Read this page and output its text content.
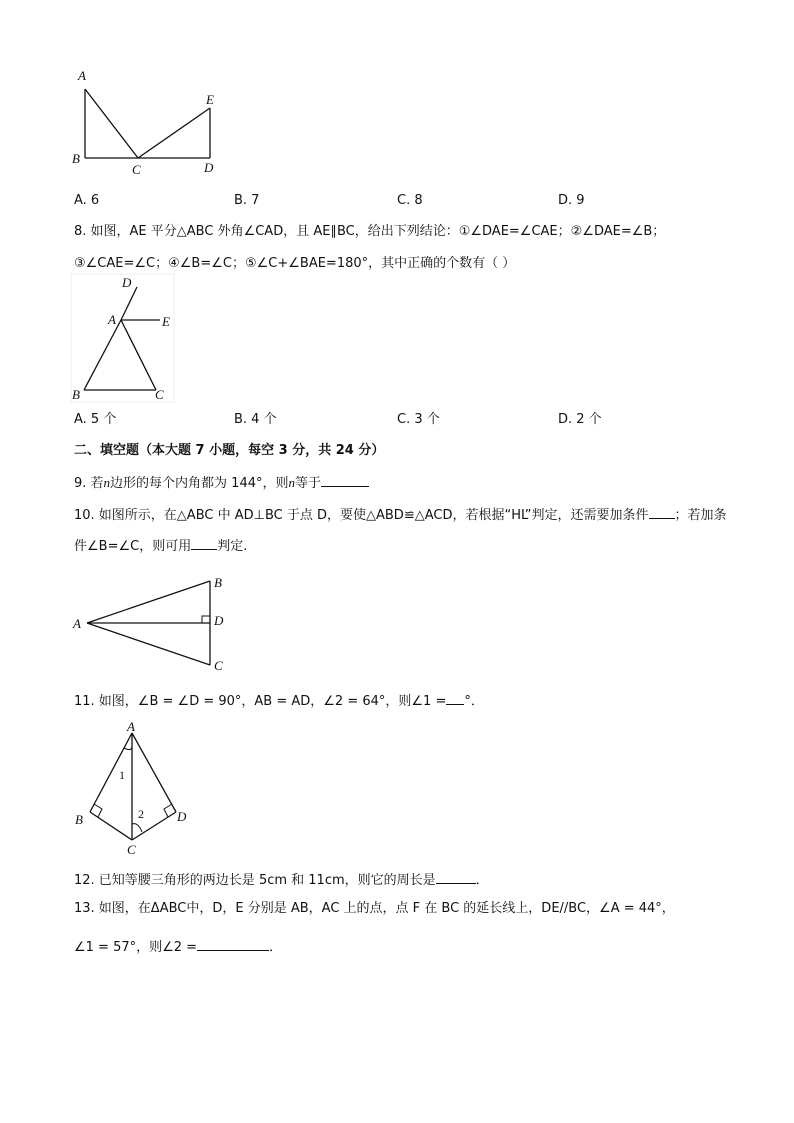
A
B
C	D
E
A. 6	B. 7	C. 8	D. 9
8. 如图，AE 平分△ABC 外角∠CAD，且 AE∥BC，给出下列结论：①∠DAE=∠CAE；②∠DAE=∠B；
③∠CAE=∠C；④∠B=∠C；⑤∠C+∠BAE=180°，其中正确的个数有（ ）
D
A	E
B	C
A. 5 个	B. 4 个	C. 3 个	D. 2 个
二、填空题（本大题 7 小题，每空 3 分，共 24 分）
9. 若n边形的每个内角都为 144°，则n等于
10. 如图所示，在△ABC 中 AD⊥BC 于点 D，要使△ABD≌△ACD，若根据“HL”判定，还需要加条件 ；若加条
件∠B=∠C，则可用 判定.
A
B
D
C
11. 如图，∠B = ∠D = 90°，AB = AD，∠2 = 64°，则∠1 = °．
A
B
C
D
1
2
12. 已知等腰三角形的两边长是 5cm 和 11cm，则它的周长是	．
13. 如图，在ΔABC中，D，E 分别是 AB，AC 上的点，点 F 在 BC 的延长线上，DE//BC，∠A = 44°，
∠1 = 57°，则∠2 =	．
